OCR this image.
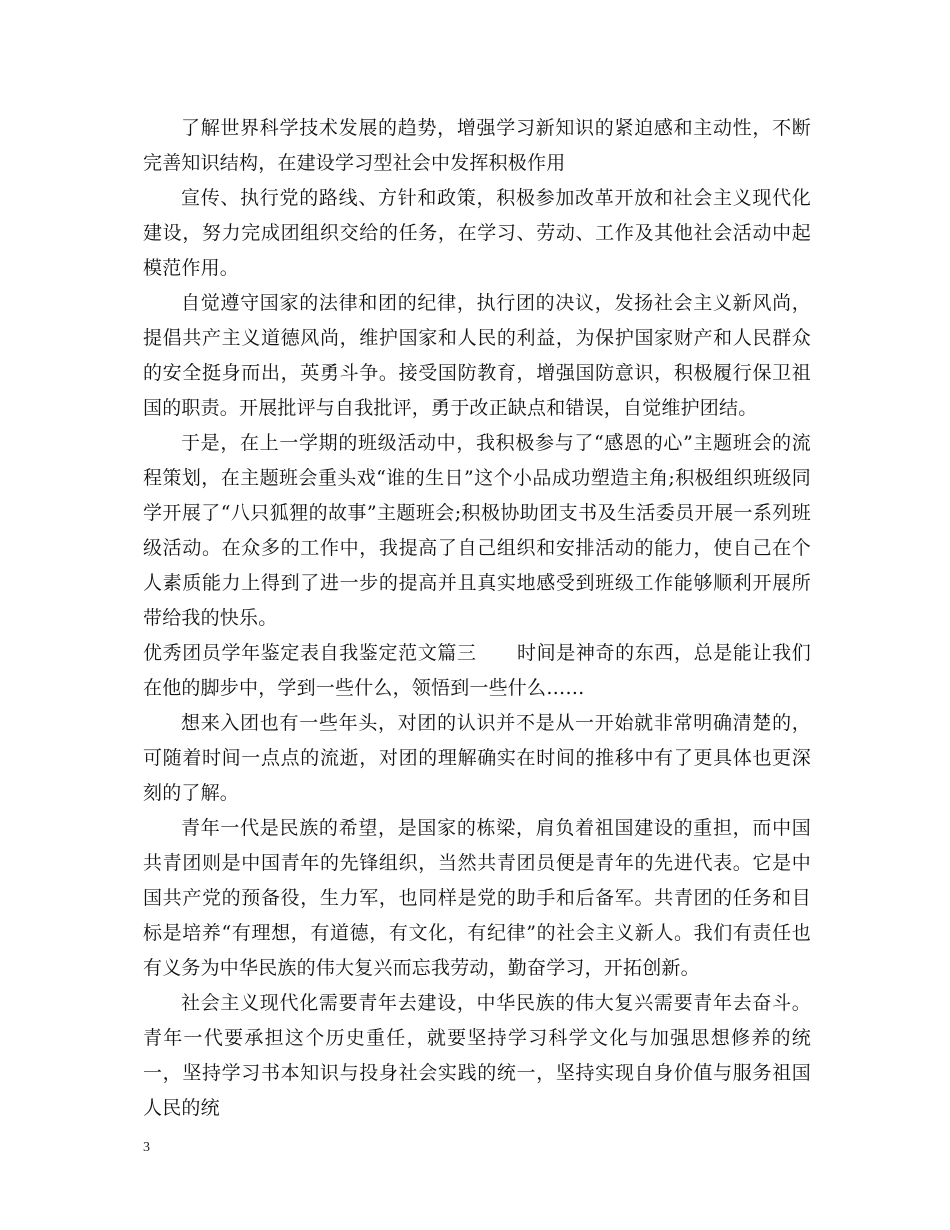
了解世界科学技术发展的趋势，增强学习新知识的紧迫感和主动性，不断完善知识结构，在建设学习型社会中发挥积极作用

宣传、执行党的路线、方针和政策，积极参加改革开放和社会主义现代化建设，努力完成团组织交给的任务，在学习、劳动、工作及其他社会活动中起模范作用。

自觉遵守国家的法律和团的纪律，执行团的决议，发扬社会主义新风尚，提倡共产主义道德风尚，维护国家和人民的利益，为保护国家财产和人民群众的安全挺身而出，英勇斗争。接受国防教育，增强国防意识，积极履行保卫祖国的职责。开展批评与自我批评，勇于改正缺点和错误，自觉维护团结。

于是，在上一学期的班级活动中，我积极参与了“感恩的心”主题班会的流程策划，在主题班会重头戏“谁的生日”这个小品成功塑造主角;积极组织班级同学开展了“八只狐狸的故事”主题班会;积极协助团支书及生活委员开展一系列班级活动。在众多的工作中，我提高了自己组织和安排活动的能力，使自己在个人素质能力上得到了进一步的提高并且真实地感受到班级工作能够顺利开展所带给我的快乐。

优秀团员学年鉴定表自我鉴定范文篇三 时间是神奇的东西，总是能让我们在他的脚步中，学到一些什么，领悟到一些什么……

想来入团也有一些年头，对团的认识并不是从一开始就非常明确清楚的，可随着时间一点点的流逝，对团的理解确实在时间的推移中有了更具体也更深刻的了解。

青年一代是民族的希望，是国家的栋梁，肩负着祖国建设的重担，而中国共青团则是中国青年的先锋组织，当然共青团员便是青年的先进代表。它是中国共产党的预备役，生力军，也同样是党的助手和后备军。共青团的任务和目标是培养“有理想，有道德，有文化，有纪律”的社会主义新人。我们有责任也有义务为中华民族的伟大复兴而忘我劳动，勤奋学习，开拓创新。

社会主义现代化需要青年去建设，中华民族的伟大复兴需要青年去奋斗。青年一代要承担这个历史重任，就要坚持学习科学文化与加强思想修养的统一，坚持学习书本知识与投身社会实践的统一，坚持实现自身价值与服务祖国人民的统

3
